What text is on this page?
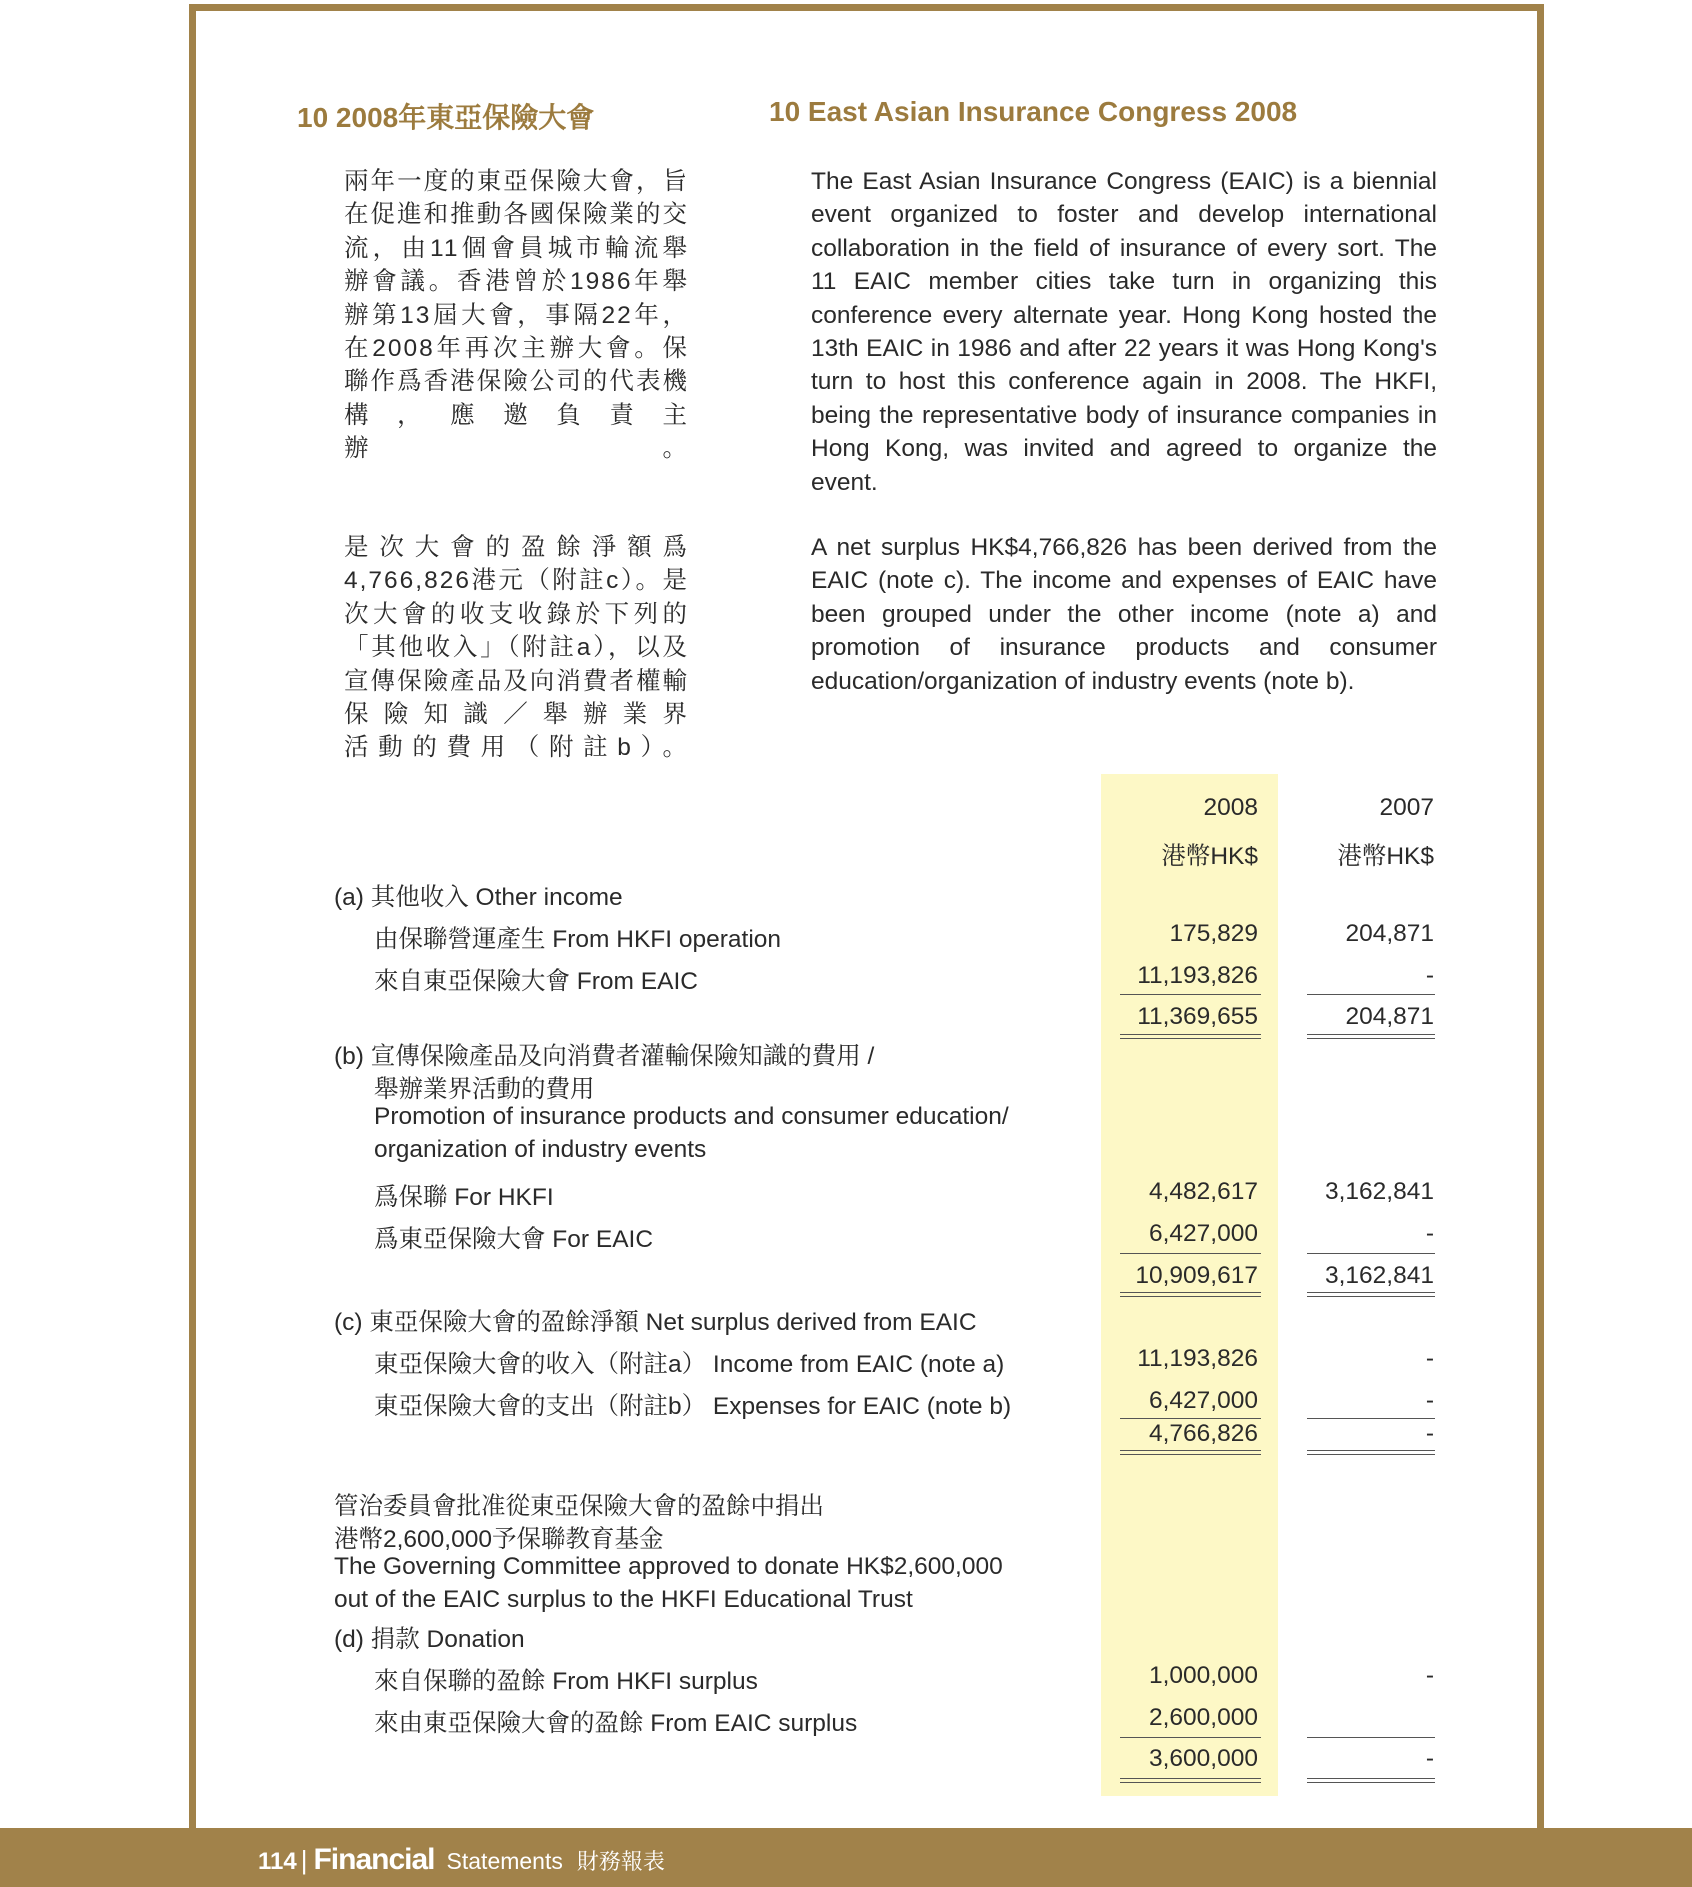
10 2008年東亞保險大會	10 East Asian Insurance Congress 2008
兩年一度的東亞保險大會，旨在促進和推動各國保險業的交流，由11個會員城市輪流舉辦會議。香港曾於1986年舉辦第13屆大會，事隔22年，在2008年再次主辦大會。保聯作爲香港保險公司的代表機構，應邀負責主
辦。
The East Asian Insurance Congress (EAIC) is a biennial event organized to foster and develop international collaboration in the field of insurance of every sort. The 11 EAIC member cities take turn in organizing this conference every alternate year. Hong Kong hosted the 13th EAIC in 1986 and after 22 years it was Hong Kong's turn to host this conference again in 2008. The HKFI, being the representative body of insurance companies in Hong Kong, was invited and agreed to organize the event.
是次大會的盈餘淨額爲4,766,826港元（附註c）。是次大會的收支收錄於下列的「其他收入」（附註a），以及宣傳保險產品及向消費者權輸保險知識／舉辦業界
活動的費用（附註b）。
A net surplus HK$4,766,826 has been derived from the EAIC (note c). The income and expenses of EAIC have been grouped under the other income (note a) and promotion of insurance products and consumer education/organization of industry events (note b).
2008	2007
港幣HK$	港幣HK$
(a) 其他收入 Other income
由保聯營運產生 From HKFI operation	175,829	204,871
來自東亞保險大會 From EAIC	11,193,826	-
11,369,655	204,871
(b) 宣傳保險產品及向消費者灌輸保險知識的費用 /
舉辦業界活動的費用
Promotion of insurance products and consumer education/
organization of industry events
爲保聯 For HKFI	4,482,617	3,162,841
爲東亞保險大會 For EAIC	6,427,000	-
10,909,617	3,162,841
(c) 東亞保險大會的盈餘淨額 Net surplus derived from EAIC
東亞保險大會的收入（附註a） Income from EAIC (note a)	11,193,826	-
東亞保險大會的支出（附註b） Expenses for EAIC (note b)	6,427,000	-
4,766,826	-
管治委員會批准從東亞保險大會的盈餘中捐出
港幣2,600,000予保聯教育基金
The Governing Committee approved to donate HK$2,600,000
out of the EAIC surplus to the HKFI Educational Trust
(d) 捐款 Donation
來自保聯的盈餘 From HKFI surplus	1,000,000	-
來由東亞保險大會的盈餘 From EAIC surplus	2,600,000
3,600,000	-
114 | Financial Statements 財務報表
